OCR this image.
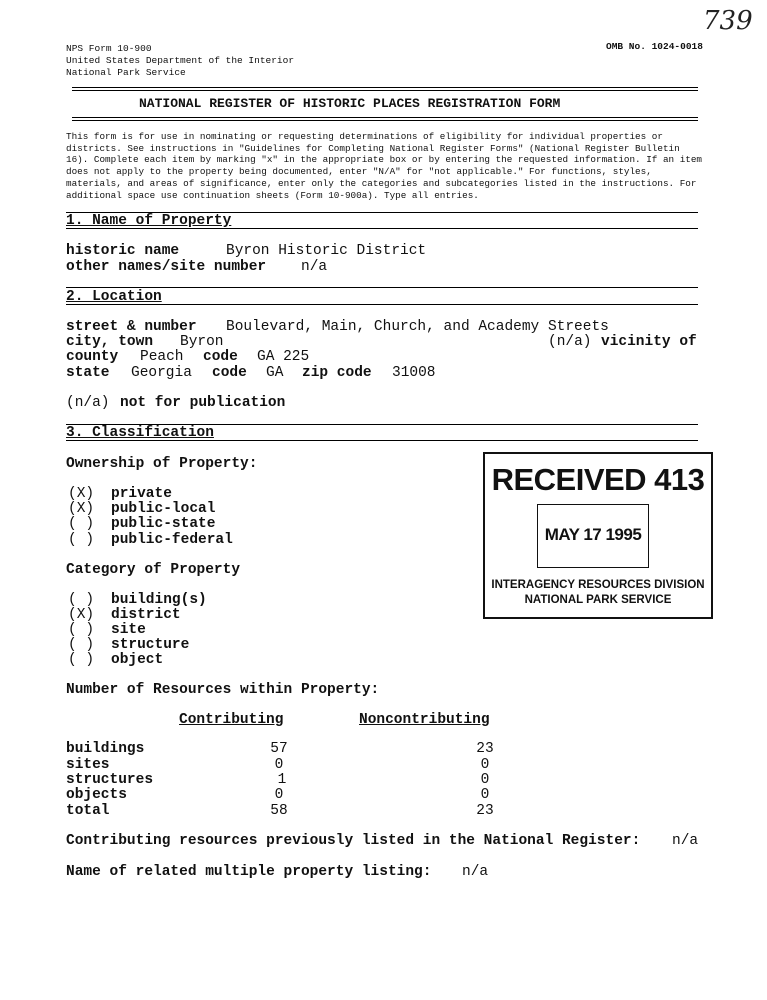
739
NPS Form 10-900
United States Department of the Interior
National Park Service
OMB No. 1024-0018
NATIONAL REGISTER OF HISTORIC PLACES REGISTRATION FORM
This form is for use in nominating or requesting determinations of eligibility for individual properties or districts. See instructions in "Guidelines for Completing National Register Forms" (National Register Bulletin 16). Complete each item by marking "x" in the appropriate box or by entering the requested information. If an item does not apply to the property being documented, enter "N/A" for "not applicable." For functions, styles, materials, and areas of significance, enter only the categories and subcategories listed in the instructions. For additional space use continuation sheets (Form 10-900a). Type all entries.
1. Name of Property
historic name	Byron Historic District
other names/site number n/a
2. Location
street & number Boulevard, Main, Church, and Academy Streets
city, town Byron	(n/a) vicinity of
county Peach code GA 225
state Georgia code GA zip code 31008
(n/a) not for publication
3. Classification
Ownership of Property:
(X) private
(X) public-local
( ) public-state
( ) public-federal
Category of Property
( ) building(s)
(X) district
( ) site
( ) structure
( ) object
Number of Resources within Property:
Contributing	Noncontributing
buildings	57	23
sites	0	0
structures	1	0
objects	0	0
total	58	23
Contributing resources previously listed in the National Register: n/a
Name of related multiple property listing: n/a
RECEIVED 413
MAY 17 1995
INTERAGENCY RESOURCES DIVISION
NATIONAL PARK SERVICE
